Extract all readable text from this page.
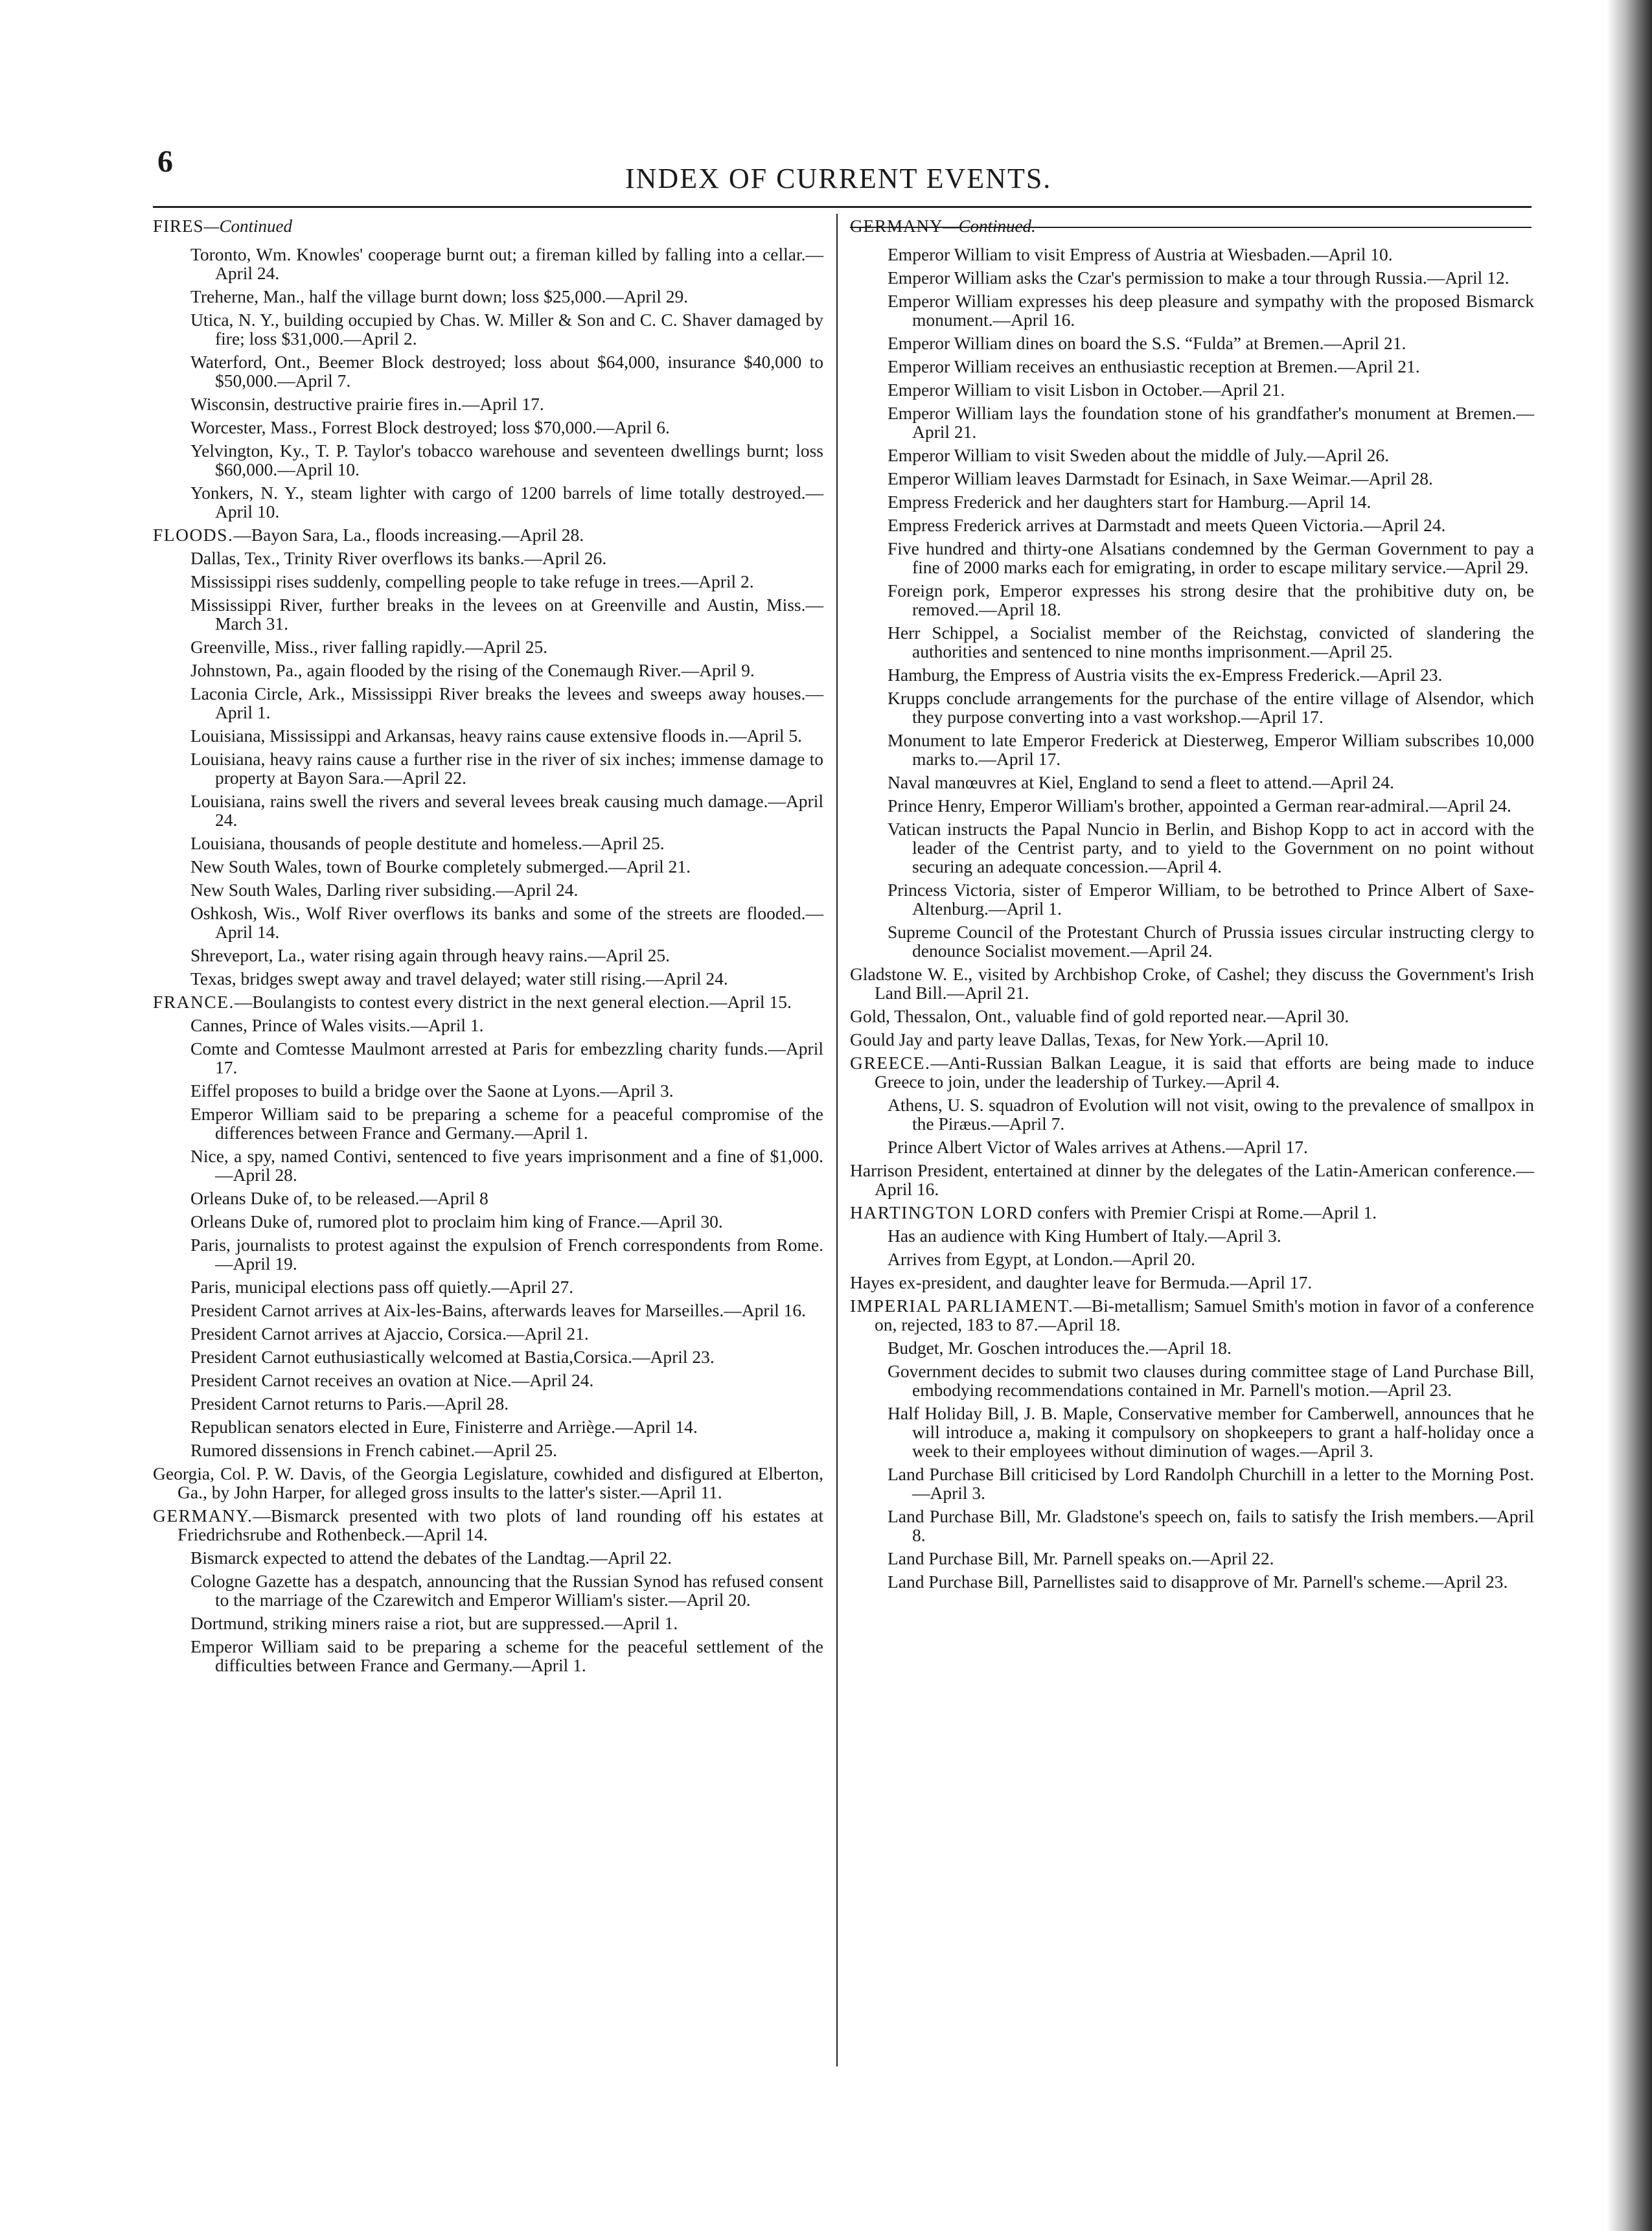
6	INDEX OF CURRENT EVENTS.
FIRES—Continued
Toronto, Wm. Knowles' cooperage burnt out; a fireman killed by falling into a cellar.—April 24.
Treherne, Man., half the village burnt down; loss $25,000.—April 29.
Utica, N. Y., building occupied by Chas. W. Miller & Son and C. C. Shaver damaged by fire; loss $31,000.—April 2.
Waterford, Ont., Beemer Block destroyed; loss about $64,000, insurance $40,000 to $50,000.—April 7.
Wisconsin, destructive prairie fires in.—April 17.
Worcester, Mass., Forrest Block destroyed; loss $70,000.—April 6.
Yelvington, Ky., T. P. Taylor's tobacco warehouse and seventeen dwellings burnt; loss $60,000.—April 10.
Yonkers, N. Y., steam lighter with cargo of 1200 barrels of lime totally destroyed.—April 10.
FLOODS.—Bayon Sara, La., floods increasing.—April 28.
Dallas, Tex., Trinity River overflows its banks.—April 26.
Mississippi rises suddenly, compelling people to take refuge in trees.—April 2.
Mississippi River, further breaks in the levees on at Greenville and Austin, Miss.—March 31.
Greenville, Miss., river falling rapidly.—April 25.
Johnstown, Pa., again flooded by the rising of the Conemaugh River.—April 9.
Laconia Circle, Ark., Mississippi River breaks the levees and sweeps away houses.—April 1.
Louisiana, Mississippi and Arkansas, heavy rains cause extensive floods in.—April 5.
Louisiana, heavy rains cause a further rise in the river of six inches; immense damage to property at Bayon Sara.—April 22.
Louisiana, rains swell the rivers and several levees break causing much damage.—April 24.
Louisiana, thousands of people destitute and homeless.—April 25.
New South Wales, town of Bourke completely submerged.—April 21.
New South Wales, Darling river subsiding.—April 24.
Oshkosh, Wis., Wolf River overflows its banks and some of the streets are flooded.—April 14.
Shreveport, La., water rising again through heavy rains.—April 25.
Texas, bridges swept away and travel delayed; water still rising.—April 24.
FRANCE.—Boulangists to contest every district in the next general election.—April 15.
Cannes, Prince of Wales visits.—April 1.
Comte and Comtesse Maulmont arrested at Paris for embezzling charity funds.—April 17.
Eiffel proposes to build a bridge over the Saone at Lyons.—April 3.
Emperor William said to be preparing a scheme for a peaceful compromise of the differences between France and Germany.—April 1.
Nice, a spy, named Contivi, sentenced to five years imprisonment and a fine of $1,000.—April 28.
Orleans Duke of, to be released.—April 8
Orleans Duke of, rumored plot to proclaim him king of France.—April 30.
Paris, journalists to protest against the expulsion of French correspondents from Rome.—April 19.
Paris, municipal elections pass off quietly.—April 27.
President Carnot arrives at Aix-les-Bains, afterwards leaves for Marseilles.—April 16.
President Carnot arrives at Ajaccio, Corsica.—April 21.
President Carnot euthusiastically welcomed at Bastia,Corsica.—April 23.
President Carnot receives an ovation at Nice.—April 24.
President Carnot returns to Paris.—April 28.
Republican senators elected in Eure, Finisterre and Arriège.—April 14.
Rumored dissensions in French cabinet.—April 25.
Georgia, Col. P. W. Davis, of the Georgia Legislature, cowhided and disfigured at Elberton, Ga., by John Harper, for alleged gross insults to the latter's sister.—April 11.
GERMANY.—Bismarck presented with two plots of land rounding off his estates at Friedrichsrube and Rothenbeck.—April 14.
Bismarck expected to attend the debates of the Landtag.—April 22.
Cologne Gazette has a despatch, announcing that the Russian Synod has refused consent to the marriage of the Czarewitch and Emperor William's sister.—April 20.
Dortmund, striking miners raise a riot, but are suppressed.—April 1.
Emperor William said to be preparing a scheme for the peaceful settlement of the difficulties between France and Germany.—April 1.
GERMANY—Continued.
Emperor William to visit Empress of Austria at Wiesbaden.—April 10.
Emperor William asks the Czar's permission to make a tour through Russia.—April 12.
Emperor William expresses his deep pleasure and sympathy with the proposed Bismarck monument.—April 16.
Emperor William dines on board the S.S. “Fulda” at Bremen.—April 21.
Emperor William receives an enthusiastic reception at Bremen.—April 21.
Emperor William to visit Lisbon in October.—April 21.
Emperor William lays the foundation stone of his grandfather's monument at Bremen.—April 21.
Emperor William to visit Sweden about the middle of July.—April 26.
Emperor William leaves Darmstadt for Esinach, in Saxe Weimar.—April 28.
Empress Frederick and her daughters start for Hamburg.—April 14.
Empress Frederick arrives at Darmstadt and meets Queen Victoria.—April 24.
Five hundred and thirty-one Alsatians condemned by the German Government to pay a fine of 2000 marks each for emigrating, in order to escape military service.—April 29.
Foreign pork, Emperor expresses his strong desire that the prohibitive duty on, be removed.—April 18.
Herr Schippel, a Socialist member of the Reichstag, convicted of slandering the authorities and sentenced to nine months imprisonment.—April 25.
Hamburg, the Empress of Austria visits the ex-Empress Frederick.—April 23.
Krupps conclude arrangements for the purchase of the entire village of Alsendor, which they purpose converting into a vast workshop.—April 17.
Monument to late Emperor Frederick at Diesterweg, Emperor William subscribes 10,000 marks to.—April 17.
Naval manœuvres at Kiel, England to send a fleet to attend.—April 24.
Prince Henry, Emperor William's brother, appointed a German rear-admiral.—April 24.
Vatican instructs the Papal Nuncio in Berlin, and Bishop Kopp to act in accord with the leader of the Centrist party, and to yield to the Government on no point without securing an adequate concession.—April 4.
Princess Victoria, sister of Emperor William, to be betrothed to Prince Albert of Saxe-Altenburg.—April 1.
Supreme Council of the Protestant Church of Prussia issues circular instructing clergy to denounce Socialist movement.—April 24.
Gladstone W. E., visited by Archbishop Croke, of Cashel; they discuss the Government's Irish Land Bill.—April 21.
Gold, Thessalon, Ont., valuable find of gold reported near.—April 30.
Gould Jay and party leave Dallas, Texas, for New York.—April 10.
GREECE.—Anti-Russian Balkan League, it is said that efforts are being made to induce Greece to join, under the leadership of Turkey.—April 4.
Athens, U. S. squadron of Evolution will not visit, owing to the prevalence of smallpox in the Piræus.—April 7.
Prince Albert Victor of Wales arrives at Athens.—April 17.
Harrison President, entertained at dinner by the delegates of the Latin-American conference.—April 16.
HARTINGTON LORD confers with Premier Crispi at Rome.—April 1.
Has an audience with King Humbert of Italy.—April 3.
Arrives from Egypt, at London.—April 20.
Hayes ex-president, and daughter leave for Bermuda.—April 17.
IMPERIAL PARLIAMENT.—Bi-metallism; Samuel Smith's motion in favor of a conference on, rejected, 183 to 87.—April 18.
Budget, Mr. Goschen introduces the.—April 18.
Government decides to submit two clauses during committee stage of Land Purchase Bill, embodying recommendations contained in Mr. Parnell's motion.—April 23.
Half Holiday Bill, J. B. Maple, Conservative member for Camberwell, announces that he will introduce a, making it compulsory on shopkeepers to grant a half-holiday once a week to their employees without diminution of wages.—April 3.
Land Purchase Bill criticised by Lord Randolph Churchill in a letter to the Morning Post.—April 3.
Land Purchase Bill, Mr. Gladstone's speech on, fails to satisfy the Irish members.—April 8.
Land Purchase Bill, Mr. Parnell speaks on.—April 22.
Land Purchase Bill, Parnellistes said to disapprove of Mr. Parnell's scheme.—April 23.
